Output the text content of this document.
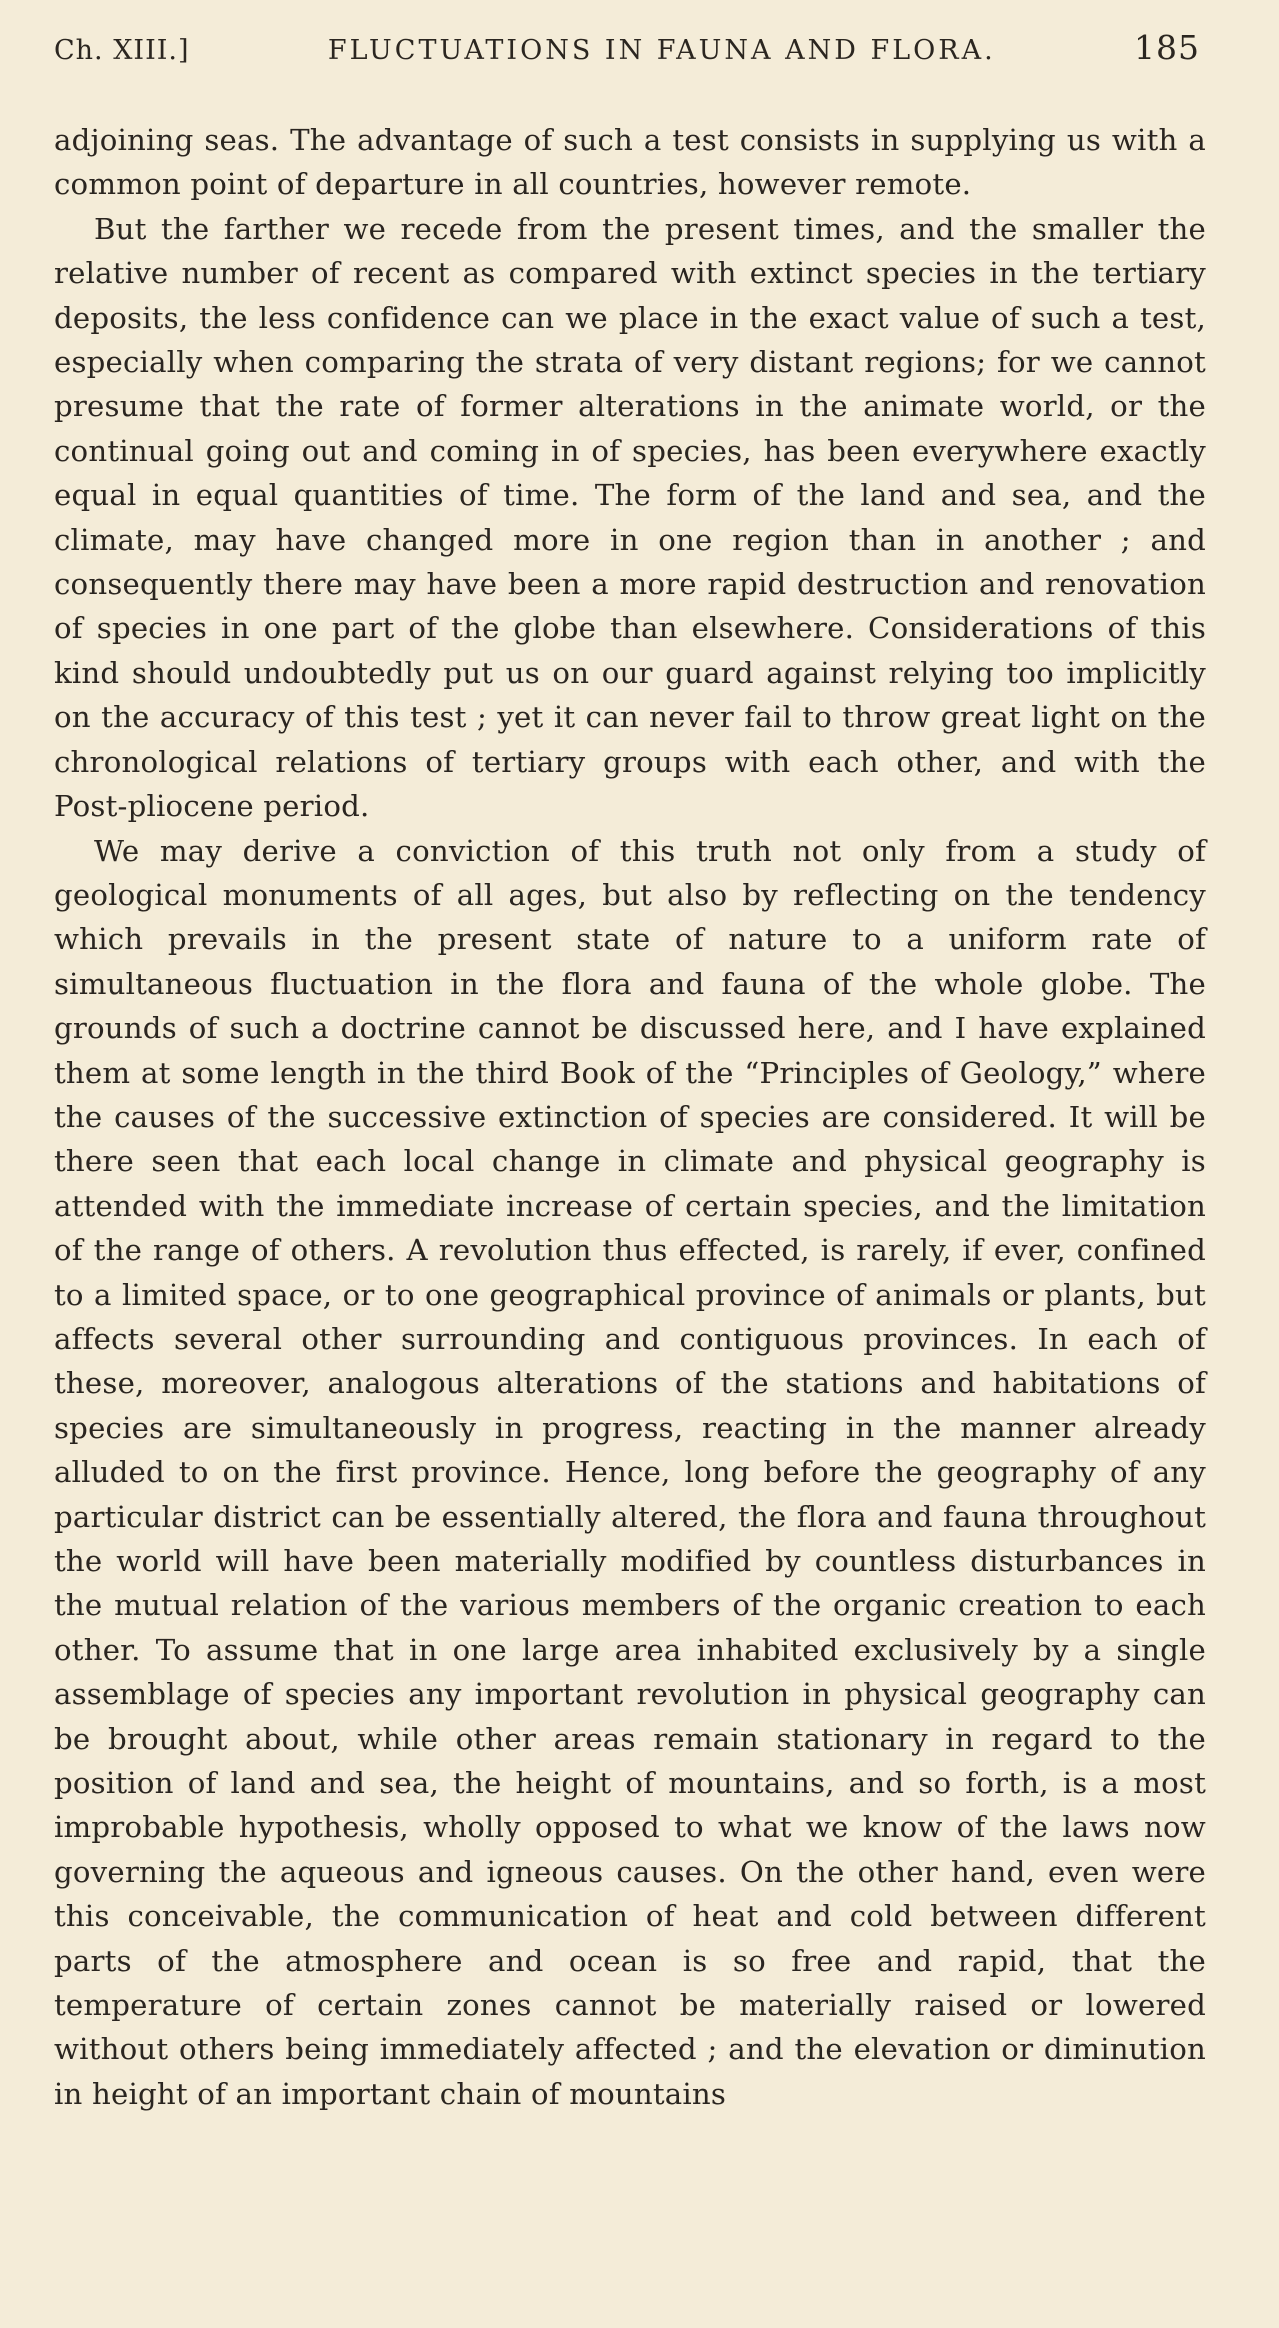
Ch. XIII.]	FLUCTUATIONS IN FAUNA AND FLORA.	185

adjoining seas. The advantage of such a test consists in supplying us with a common point of departure in all countries, however remote.

But the farther we recede from the present times, and the smaller the relative number of recent as compared with extinct species in the tertiary deposits, the less confidence can we place in the exact value of such a test, especially when comparing the strata of very distant regions; for we cannot presume that the rate of former alterations in the animate world, or the continual going out and coming in of species, has been everywhere exactly equal in equal quantities of time. The form of the land and sea, and the climate, may have changed more in one region than in another ; and consequently there may have been a more rapid destruction and renovation of species in one part of the globe than elsewhere. Considerations of this kind should undoubtedly put us on our guard against relying too implicitly on the accuracy of this test ; yet it can never fail to throw great light on the chronological relations of tertiary groups with each other, and with the Post-pliocene period.

We may derive a conviction of this truth not only from a study of geological monuments of all ages, but also by reflecting on the tendency which prevails in the present state of nature to a uniform rate of simultaneous fluctuation in the flora and fauna of the whole globe. The grounds of such a doctrine cannot be discussed here, and I have explained them at some length in the third Book of the “Principles of Geology,” where the causes of the successive extinction of species are considered. It will be there seen that each local change in climate and physical geography is attended with the immediate increase of certain species, and the limitation of the range of others. A revolution thus effected, is rarely, if ever, confined to a limited space, or to one geographical province of animals or plants, but affects several other surrounding and contiguous provinces. In each of these, moreover, analogous alterations of the stations and habitations of species are simultaneously in progress, reacting in the manner already alluded to on the first province. Hence, long before the geography of any particular district can be essentially altered, the flora and fauna throughout the world will have been materially modified by countless disturbances in the mutual relation of the various members of the organic creation to each other. To assume that in one large area inhabited exclusively by a single assemblage of species any important revolution in physical geography can be brought about, while other areas remain stationary in regard to the position of land and sea, the height of mountains, and so forth, is a most improbable hypothesis, wholly opposed to what we know of the laws now governing the aqueous and igneous causes. On the other hand, even were this conceivable, the communication of heat and cold between different parts of the atmosphere and ocean is so free and rapid, that the temperature of certain zones cannot be materially raised or lowered without others being immediately affected ; and the elevation or diminution in height of an important chain of mountains
